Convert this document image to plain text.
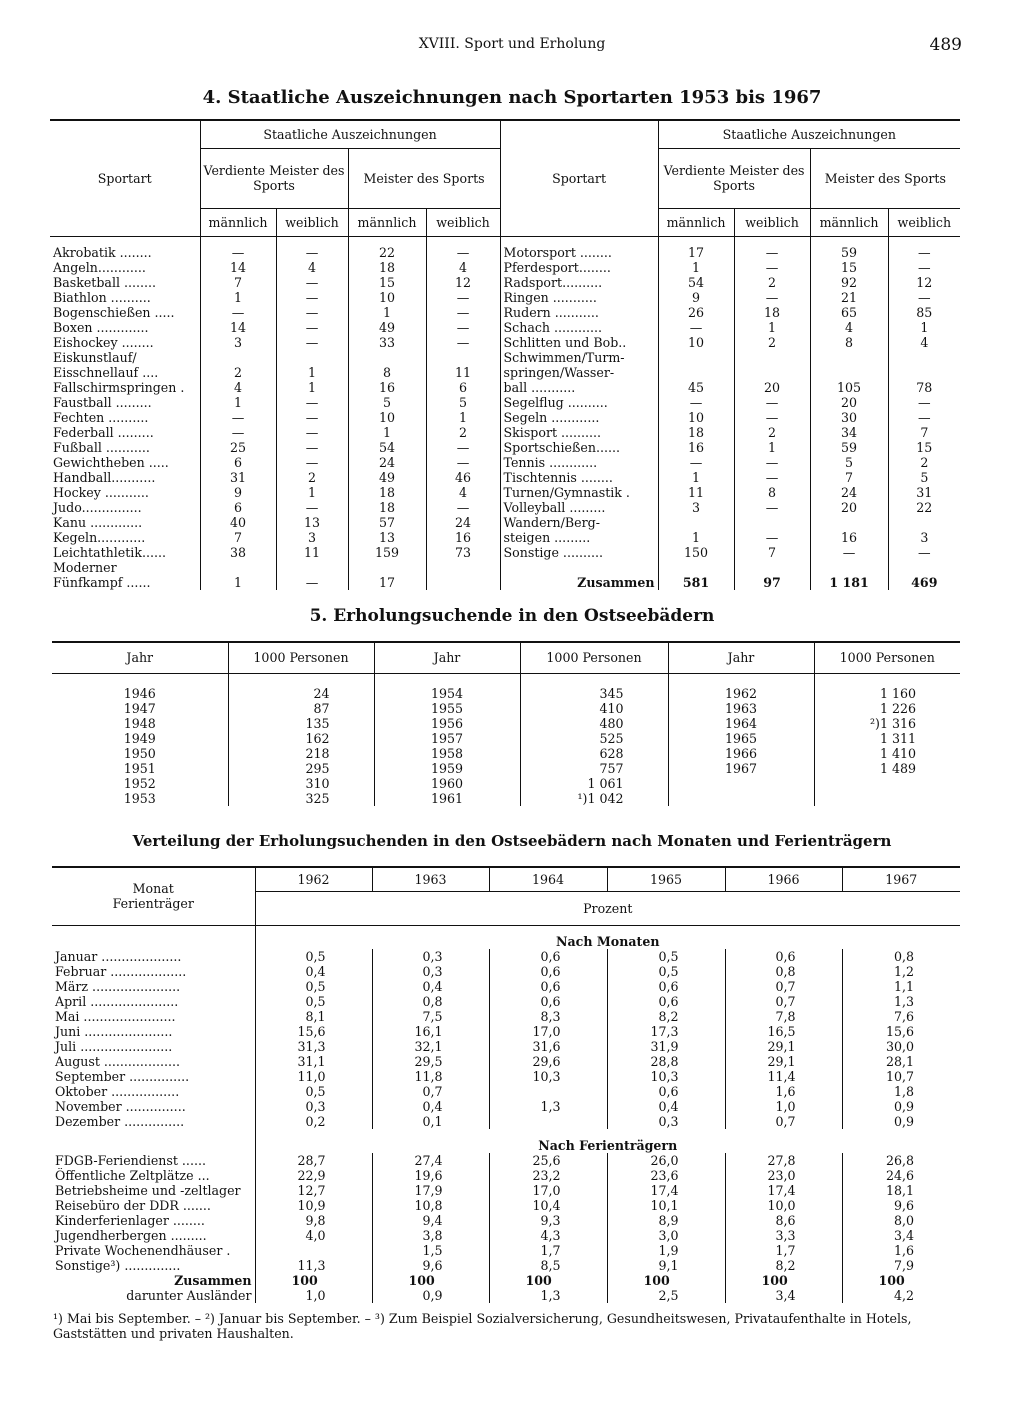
XVIII. Sport und Erholung	489
4. Staatliche Auszeichnungen nach Sportarten 1953 bis 1967
Sportart	Staatliche Auszeichnungen				Sportart	Staatliche Auszeichnungen			
	Verdiente Meister des Sports		Meister des Sports			Verdiente Meister des Sports		Meister des Sports	
	männlich	weiblich	männlich	weiblich		männlich	weiblich	männlich	weiblich
Akrobatik ........	—	—	22	—	Motorsport ........	17	—	59	—
Angeln............	14	4	18	4	Pferdesport........	1	—	15	—
Basketball ........	7	—	15	12	Radsport..........	54	2	92	12
Biathlon ..........	1	—	10	—	Ringen ...........	9	—	21	—
Bogenschießen .....	—	—	1	—	Rudern ...........	26	18	65	85
Boxen .............	14	—	49	—	Schach ............	—	1	4	1
Eishockey ........	3	—	33	—	Schlitten und Bob..	10	2	8	4
Eiskunstlauf/					Schwimmen/Turm-				
Eisschnellauf ....	2	1	8	11	springen/Wasser-				
Fallschirmspringen .	4	1	16	6	ball ...........	45	20	105	78
Faustball .........	1	—	5	5	Segelflug ..........	—	—	20	—
Fechten ..........	—	—	10	1	Segeln ............	10	—	30	—
Federball .........	—	—	1	2	Skisport ..........	18	2	34	7
Fußball ...........	25	—	54	—	Sportschießen......	16	1	59	15
Gewichtheben .....	6	—	24	—	Tennis ............	—	—	5	2
Handball...........	31	2	49	46	Tischtennis ........	1	—	7	5
Hockey ...........	9	1	18	4	Turnen/Gymnastik .	11	8	24	31
Judo...............	6	—	18	—	Volleyball .........	3	—	20	22
Kanu .............	40	13	57	24	Wandern/Berg-				
Kegeln............	7	3	13	16	steigen .........	1	—	16	3
Leichtathletik......	38	11	159	73	Sonstige ..........	150	7	—	—
Moderner									
Fünfkampf ......	1	—	17		Zusammen	581	97	1 181	469
5. Erholungsuchende in den Ostseebädern
Jahr	1000 Personen	Jahr	1000 Personen	Jahr	1000 Personen

1946	24	1954	345	1962	1 160
1947	87	1955	410	1963	1 226
1948	135	1956	480	1964	²)1 316
1949	162	1957	525	1965	1 311
1950	218	1958	628	1966	1 410
1951	295	1959	757	1967	1 489
1952	310	1960	1 061		
1953	325	1961	¹)1 042		
Verteilung der Erholungsuchenden in den Ostseebädern nach Monaten und Ferienträgern
Monat
Ferienträger	1962	1963	1964	1965	1966	1967
	Prozent					
	Nach Monaten					
Januar ....................	0,5	0,3	0,6	0,5	0,6	0,8
Februar ...................	0,4	0,3	0,6	0,5	0,8	1,2
März ......................	0,5	0,4	0,6	0,6	0,7	1,1
April ......................	0,5	0,8	0,6	0,6	0,7	1,3
Mai .......................	8,1	7,5	8,3	8,2	7,8	7,6
Juni ......................	15,6	16,1	17,0	17,3	16,5	15,6
Juli .......................	31,3	32,1	31,6	31,9	29,1	30,0
August ...................	31,1	29,5	29,6	28,8	29,1	28,1
September ...............	11,0	11,8	10,3	10,3	11,4	10,7
Oktober .................	0,5	0,7		0,6	1,6	1,8
November ...............	0,3	0,4	1,3	0,4	1,0	0,9
Dezember ...............	0,2	0,1		0,3	0,7	0,9
	Nach Ferienträgern					
FDGB-Feriendienst ......	28,7	27,4	25,6	26,0	27,8	26,8
Öffentliche Zeltplätze ...	22,9	19,6	23,2	23,6	23,0	24,6
Betriebsheime und -zeltlager	12,7	17,9	17,0	17,4	17,4	18,1
Reisebüro der DDR .......	10,9	10,8	10,4	10,1	10,0	9,6
Kinderferienlager ........	9,8	9,4	9,3	8,9	8,6	8,0
Jugendherbergen .........	4,0	3,8	4,3	3,0	3,3	3,4
Private Wochenendhäuser .		1,5	1,7	1,9	1,7	1,6
Sonstige³) ..............	11,3	9,6	8,5	9,1	8,2	7,9
Zusammen	100	100	100	100	100	100
darunter Ausländer	1,0	0,9	1,3	2,5	3,4	4,2
¹) Mai bis September. – ²) Januar bis September. – ³) Zum Beispiel Sozialversicherung, Gesundheitswesen, Privataufenthalte in Hotels, Gaststätten und privaten Haushalten.
